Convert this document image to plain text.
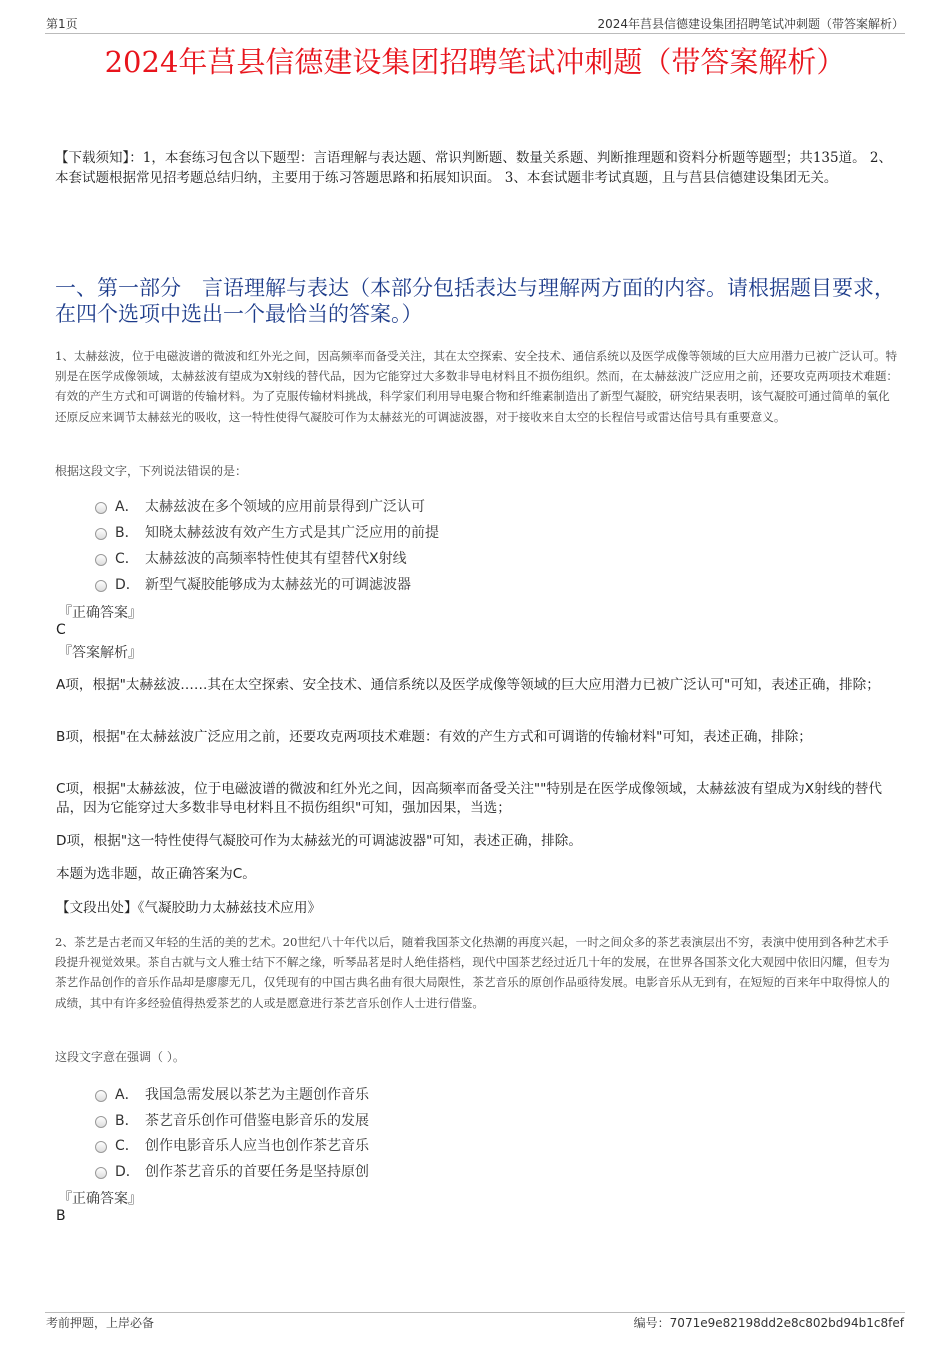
第1页	2024年莒县信德建设集团招聘笔试冲刺题（带答案解析）
2024年莒县信德建设集团招聘笔试冲刺题（带答案解析）
【下载须知】：1，本套练习包含以下题型：言语理解与表达题、常识判断题、数量关系题、判断推理题和资料分析题等题型；共135道。 2、本套试题根据常见招考题总结归纳，主要用于练习答题思路和拓展知识面。 3、本套试题非考试真题，且与莒县信德建设集团无关。
一、第一部分　言语理解与表达（本部分包括表达与理解两方面的内容。请根据题目要求，在四个选项中选出一个最恰当的答案。）
1、太赫兹波，位于电磁波谱的微波和红外光之间，因高频率而备受关注，其在太空探索、安全技术、通信系统以及医学成像等领域的巨大应用潜力已被广泛认可。特别是在医学成像领域，太赫兹波有望成为X射线的替代品，因为它能穿过大多数非导电材料且不损伤组织。然而，在太赫兹波广泛应用之前，还要攻克两项技术难题：有效的产生方式和可调谐的传输材料。为了克服传输材料挑战，科学家们利用导电聚合物和纤维素制造出了新型气凝胶，研究结果表明，该气凝胶可通过简单的氧化还原反应来调节太赫兹光的吸收，这一特性使得气凝胶可作为太赫兹光的可调滤波器，对于接收来自太空的长程信号或雷达信号具有重要意义。
根据这段文字，下列说法错误的是：
A． 太赫兹波在多个领域的应用前景得到广泛认可
B． 知晓太赫兹波有效产生方式是其广泛应用的前提
C． 太赫兹波的高频率特性使其有望替代X射线
D． 新型气凝胶能够成为太赫兹光的可调滤波器
『正确答案』
C
『答案解析』
A项，根据"太赫兹波……其在太空探索、安全技术、通信系统以及医学成像等领域的巨大应用潜力已被广泛认可"可知，表述正确，排除；
B项，根据"在太赫兹波广泛应用之前，还要攻克两项技术难题：有效的产生方式和可调谐的传输材料"可知，表述正确，排除；
C项，根据"太赫兹波，位于电磁波谱的微波和红外光之间，因高频率而备受关注""特别是在医学成像领域，太赫兹波有望成为X射线的替代品，因为它能穿过大多数非导电材料且不损伤组织"可知，强加因果，当选；
D项，根据"这一特性使得气凝胶可作为太赫兹光的可调滤波器"可知，表述正确，排除。
本题为选非题，故正确答案为C。
【文段出处】《气凝胶助力太赫兹技术应用》
2、茶艺是古老而又年轻的生活的美的艺术。20世纪八十年代以后，随着我国茶文化热潮的再度兴起，一时之间众多的茶艺表演层出不穷，表演中使用到各种艺术手段提升视觉效果。茶自古就与文人雅士结下不解之缘，听琴品茗是时人绝佳搭档，现代中国茶艺经过近几十年的发展，在世界各国茶文化大观园中依旧闪耀，但专为茶艺作品创作的音乐作品却是廖廖无几，仅凭现有的中国古典名曲有很大局限性，茶艺音乐的原创作品亟待发展。电影音乐从无到有，在短短的百来年中取得惊人的成绩，其中有许多经验值得热爱茶艺的人或是愿意进行茶艺音乐创作人士进行借鉴。
这段文字意在强调（ ）。
A． 我国急需发展以茶艺为主题创作音乐
B． 茶艺音乐创作可借鉴电影音乐的发展
C． 创作电影音乐人应当也创作茶艺音乐
D． 创作茶艺音乐的首要任务是坚持原创
『正确答案』
B
考前押题，上岸必备	编号：7071e9e82198dd2e8c802bd94b1c8fef
